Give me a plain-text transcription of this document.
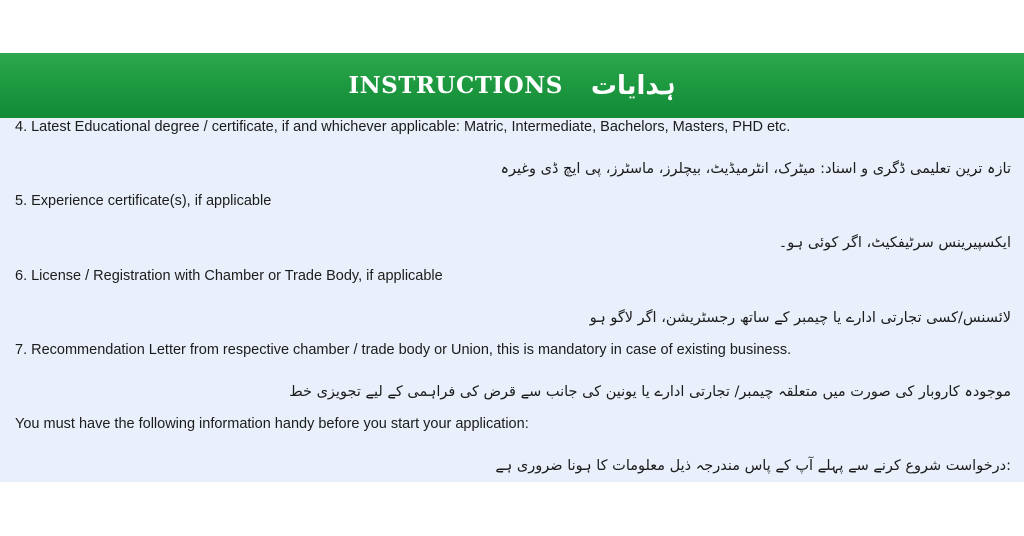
INSTRUCTIONS ہدایات
4. Latest Educational degree / certificate, if and whichever applicable: Matric, Intermediate, Bachelors, Masters, PHD etc.
تازہ ترین تعلیمی ڈگری و اسناد: میٹرک، انٹرمیڈیٹ، بیچلرز، ماسٹرز، پی ایچ ڈی وغیرہ
5. Experience certificate(s), if applicable
ایکسپیرینس سرٹیفکیٹ، اگر کوئی ہو۔
6. License / Registration with Chamber or Trade Body, if applicable
لائسنس/کسی تجارتی ادارے یا چیمبر کے ساتھ رجسٹریشن، اگر لاگو ہو
7. Recommendation Letter from respective chamber / trade body or Union, this is mandatory in case of existing business.
موجودہ کاروبار کی صورت میں متعلقہ چیمبر/ تجارتی ادارے یا یونین کی جانب سے قرض کی فراہمی کے لیے تجویزی خط
You must have the following information handy before you start your application:
:درخواست شروع کرنے سے پہلے آپ کے پاس مندرجہ ذیل معلومات کا ہونا ضروری ہے
